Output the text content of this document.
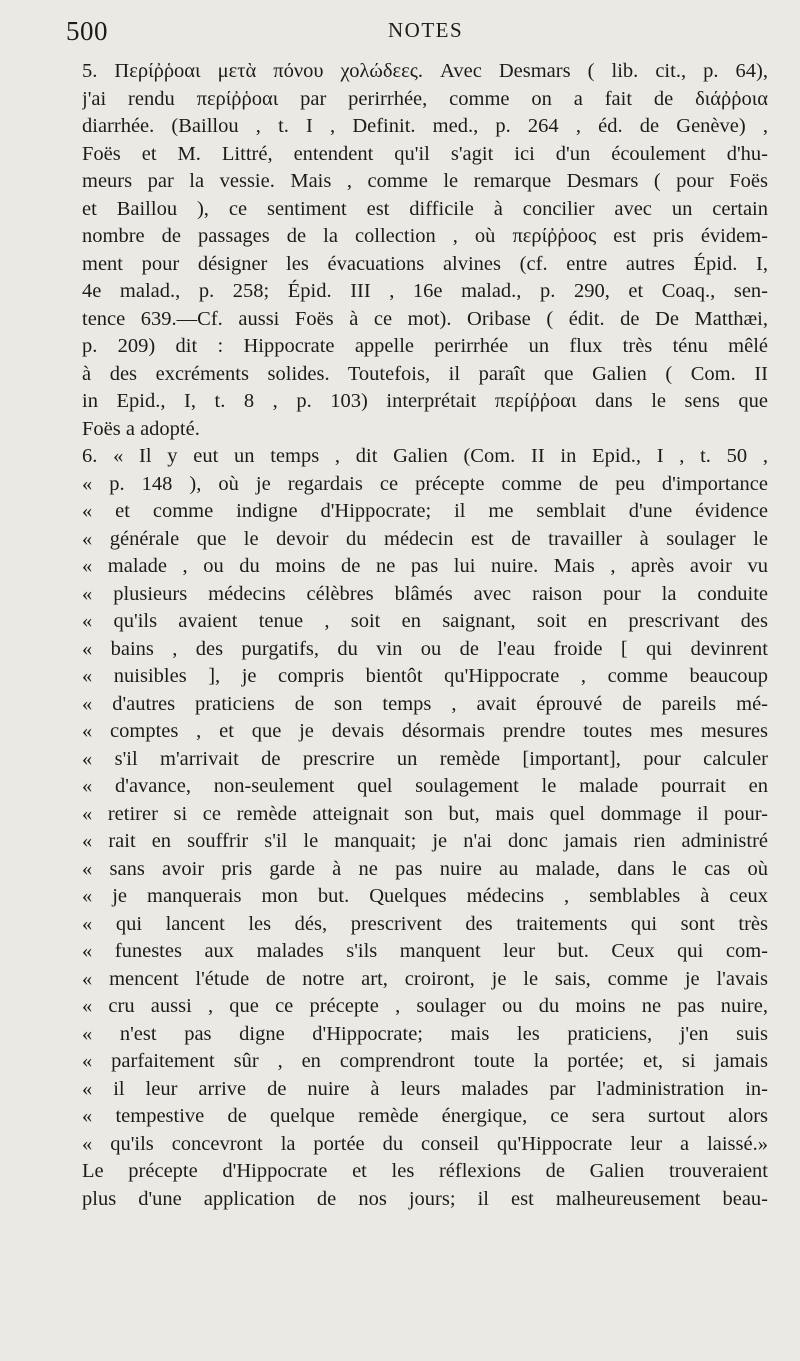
500	NOTES
5. Περίῤῥοαι μετὰ πόνου χολώδεες. Avec Desmars ( lib. cit., p. 64),
j'ai rendu περίῤῥοαι par perirrhée, comme on a fait de διάῤῥοια
diarrhée. (Baillou , t. I , Definit. med., p. 264 , éd. de Genève) ,
Foës et M. Littré, entendent qu'il s'agit ici d'un écoulement d'hu-
meurs par la vessie. Mais , comme le remarque Desmars ( pour Foës
et Baillou ), ce sentiment est difficile à concilier avec un certain
nombre de passages de la collection , où περίῤῥοος est pris évidem-
ment pour désigner les évacuations alvines (cf. entre autres Épid. I,
4e malad., p. 258; Épid. III , 16e malad., p. 290, et Coaq., sen-
tence 639.—Cf. aussi Foës à ce mot). Oribase ( édit. de De Matthæi,
p. 209) dit : Hippocrate appelle perirrhée un flux très ténu mêlé
à des excréments solides. Toutefois, il paraît que Galien ( Com. II
in Epid., I, t. 8 , p. 103) interprétait περίῤῥοαι dans le sens que
Foës a adopté.
6. « Il y eut un temps , dit Galien (Com. II in Epid., I , t. 50 ,
« p. 148 ), où je regardais ce précepte comme de peu d'importance
« et comme indigne d'Hippocrate; il me semblait d'une évidence
« générale que le devoir du médecin est de travailler à soulager le
« malade , ou du moins de ne pas lui nuire. Mais , après avoir vu
« plusieurs médecins célèbres blâmés avec raison pour la conduite
« qu'ils avaient tenue , soit en saignant, soit en prescrivant des
« bains , des purgatifs, du vin ou de l'eau froide [ qui devinrent
« nuisibles ], je compris bientôt qu'Hippocrate , comme beaucoup
« d'autres praticiens de son temps , avait éprouvé de pareils mé-
« comptes , et que je devais désormais prendre toutes mes mesures
« s'il m'arrivait de prescrire un remède [important], pour calculer
« d'avance, non-seulement quel soulagement le malade pourrait en
« retirer si ce remède atteignait son but, mais quel dommage il pour-
« rait en souffrir s'il le manquait; je n'ai donc jamais rien administré
« sans avoir pris garde à ne pas nuire au malade, dans le cas où
« je manquerais mon but. Quelques médecins , semblables à ceux
« qui lancent les dés, prescrivent des traitements qui sont très
« funestes aux malades s'ils manquent leur but. Ceux qui com-
« mencent l'étude de notre art, croiront, je le sais, comme je l'avais
« cru aussi , que ce précepte , soulager ou du moins ne pas nuire,
« n'est pas digne d'Hippocrate; mais les praticiens, j'en suis
« parfaitement sûr , en comprendront toute la portée; et, si jamais
« il leur arrive de nuire à leurs malades par l'administration in-
« tempestive de quelque remède énergique, ce sera surtout alors
« qu'ils concevront la portée du conseil qu'Hippocrate leur a laissé.»
Le précepte d'Hippocrate et les réflexions de Galien trouveraient
plus d'une application de nos jours; il est malheureusement beau-
